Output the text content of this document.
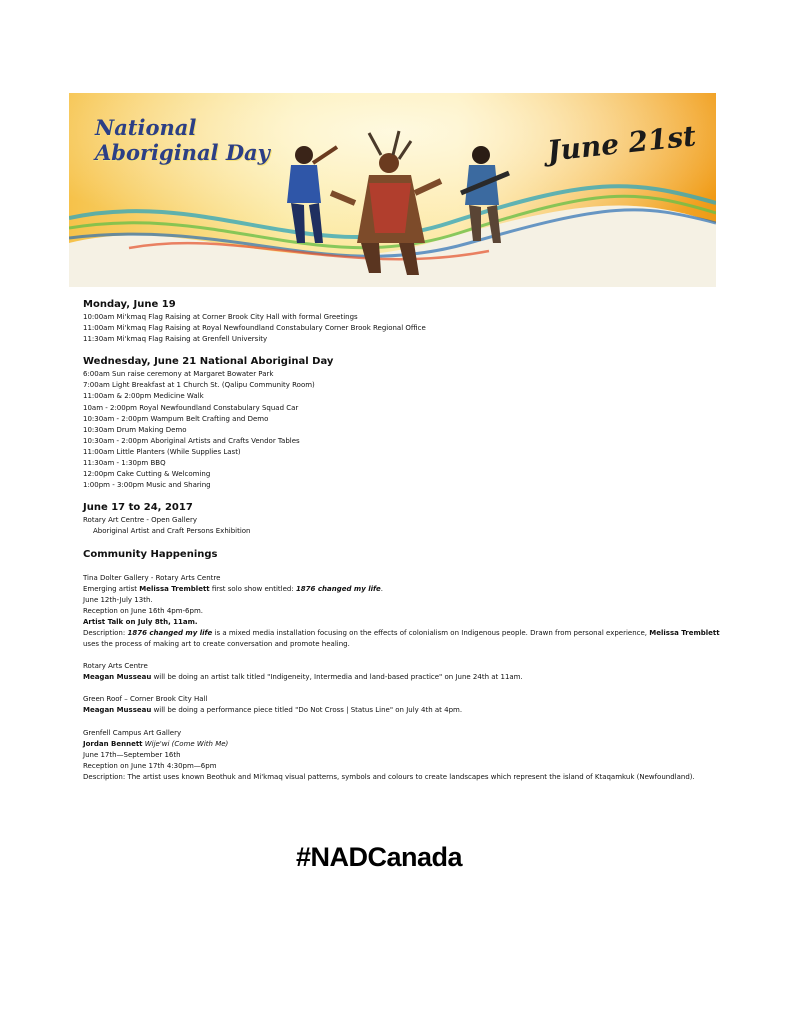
National
Aboriginal Day	June 21st
Monday, June 19
10:00am Mi'kmaq Flag Raising at Corner Brook City Hall with formal Greetings
11:00am Mi'kmaq Flag Raising at Royal Newfoundland Constabulary Corner Brook Regional Office
11:30am Mi'kmaq Flag Raising at Grenfell University
Wednesday, June 21 National Aboriginal Day
6:00am Sun raise ceremony at Margaret Bowater Park
7:00am Light Breakfast at 1 Church St. (Qalipu Community Room)
11:00am & 2:00pm Medicine Walk
10am - 2:00pm Royal Newfoundland Constabulary Squad Car
10:30am - 2:00pm Wampum Belt Crafting and Demo
10:30am Drum Making Demo
10:30am - 2:00pm Aboriginal Artists and Crafts Vendor Tables
11:00am Little Planters (While Supplies Last)
11:30am - 1:30pm BBQ
12:00pm Cake Cutting & Welcoming
1:00pm - 3:00pm Music and Sharing
June 17 to 24, 2017
Rotary Art Centre - Open Gallery
Aboriginal Artist and Craft Persons Exhibition
Community Happenings
Tina Dolter Gallery - Rotary Arts Centre
Emerging artist Melissa Tremblett first solo show entitled: 1876 changed my life.
June 12th-July 13th.
Reception on June 16th 4pm-6pm.
Artist Talk on July 8th, 11am.
Description: 1876 changed my life is a mixed media installation focusing on the effects of colonialism on Indigenous people. Drawn from personal experience, Melissa Tremblett uses the process of making art to create conversation and promote healing.
Rotary Arts Centre
Meagan Musseau will be doing an artist talk titled "Indigeneity, Intermedia and land-based practice" on June 24th at 11am.
Green Roof – Corner Brook City Hall
Meagan Musseau will be doing a performance piece titled "Do Not Cross | Status Line" on July 4th at 4pm.
Grenfell Campus Art Gallery
Jordan Bennett Wije'wi (Come With Me)
June 17th—September 16th
Reception on June 17th 4:30pm—6pm
Description: The artist uses known Beothuk and Mi'kmaq visual patterns, symbols and colours to create landscapes which represent the island of Ktaqamkuk (Newfoundland).
#NADCanada
